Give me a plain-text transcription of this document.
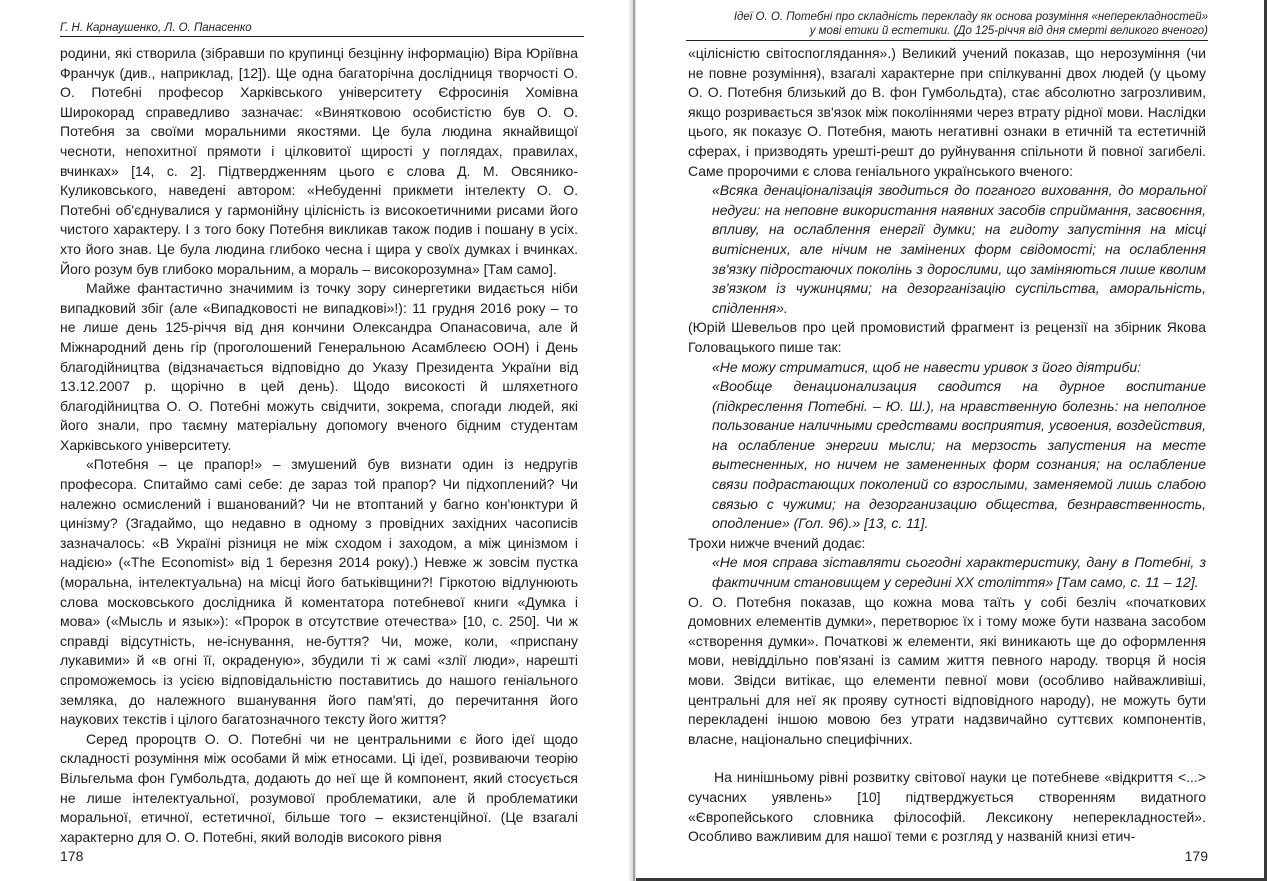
Г. Н. Карнаушенко, Л. О. Панасенко

родини, які створила (зібравши по крупинці безцінну інформацію) Віра Юріївна Франчук (див., наприклад, [12]). Ще одна багаторічна дослідниця творчості О. О. Потебні професор Харківського університету Єфросинія Хомівна Широкорад справедливо зазначає: «Винятковою особистістю був О. О. Потебня за своїми моральними якостями. Це була людина якнайвищої чесноти, непохитної прямоти і цілковитої щирості у поглядах, правилах, вчинках» [14, с. 2]. Підтвердженням цього є слова Д. М. Овсянико-Куликовського, наведені автором: «Небуденні прикмети інтелекту О. О. Потебні об'єднувалися у гармонійну цілісність із високоетичними рисами його чистого характеру. І з того боку Потебня викликав також подив і пошану в усіх. хто його знав. Це була людина глибоко чесна і щира у своїх думках і вчинках. Його розум був глибоко моральним, а мораль – високорозумна» [Там само].

Майже фантастично значимим із точку зору синергетики видається ніби випадковий збіг (але «Випадковості не випадкові»!): 11 грудня 2016 року – то не лише день 125-річчя від дня кончини Олександра Опанасовича, але й Міжнародний день гір (проголошений Генеральною Асамблеєю ООН) і День благодійництва (відзначається відповідно до Указу Президента України від 13.12.2007 р. щорічно в цей день). Щодо високості й шляхетного благодійництва О. О. Потебні можуть свідчити, зокрема, спогади людей, які його знали, про таємну матеріальну допомогу вченого бідним студентам Харківського університету.

«Потебня – це прапор!» – змушений був визнати один із недругів професора. Спитаймо самі себе: де зараз той прапор? Чи підхоплений? Чи належно осмислений і вшанований? Чи не втоптаний у багно кон'юнктури й цинізму? (Згадаймо, що недавно в одному з провідних західних часописів зазначалось: «В Україні різниця не між сходом і заходом, а між цинізмом і надією» («The Economist» від 1 березня 2014 року).) Невже ж зовсім пустка (моральна, інтелектуальна) на місці його батьківщини?! Гіркотою відлунюють слова московського дослідника й коментатора потебневої книги «Думка і мова» («Мысль и язык»): «Пророк в отсутствие отечества» [10, с. 250]. Чи ж справді відсутність, не-існування, не-буття? Чи, може, коли, «приспану лукавими» й «в огні її, окраденую», збудили ті ж самі «злії люди», нарешті спроможемось із усією відповідальністю поставитись до нашого геніального земляка, до належного вшанування його пам'яті, до перечитання його наукових текстів і цілого багатозначного тексту його життя?

Серед пророцтв О. О. Потебні чи не центральними є його ідеї щодо складності розуміння між особами й між етносами. Ці ідеї, розвиваючи теорію Вільгельма фон Гумбольдта, додають до неї ще й компонент, який стосується не лише інтелектуальної, розумової проблематики, але й проблематики моральної, етичної, естетичної, більше того – екзистенційної. (Це взагалі характерно для О. О. Потебні, який володів високого рівня

178
Ідеї О. О. Потебні про складність перекладу як основа розуміння «неперекладностей»
у мові етики й естетики. (До 125-річчя від дня смерті великого вченого)

«цілісністю світоспоглядання».) Великий учений показав, що нерозуміння (чи не повне розуміння), взагалі характерне при спілкуванні двох людей (у цьому О. О. Потебня близький до В. фон Гумбольдта), стає абсолютно загрозливим, якщо розривається зв'язок між поколіннями через втрату рідної мови. Наслідки цього, як показує О. Потебня, мають негативні ознаки в етичній та естетичній сферах, і призводять урешті-решт до руйнування спільноти й повної загибелі. Саме пророчими є слова геніального українського вченого:

«Всяка денаціоналізація зводиться до поганого виховання, до моральної недуги: на неповне використання наявних засобів сприймання, засвоєння, впливу, на ослаблення енергії думки; на гидоту запустіння на місці витіснених, але нічим не замінених форм свідомості; на ослаблення зв'язку підростаючих поколінь з дорослими, що заміняються лише кволим зв'язком із чужинцями; на дезорганізацію суспільства, аморальність, спідлення».

(Юрій Шевельов про цей промовистий фрагмент із рецензії на збірник Якова Головацького пише так:

«Не можу стриматися, щоб не навести уривок з його діятриби:

«Вообще денационализация сводится на дурное воспитание (підкреслення Потебні. – Ю. Ш.), на нравственную болезнь: на неполное пользование наличными средствами восприятия, усвоения, воздействия, на ослабление энергии мысли; на мерзость запустения на месте вытесненных, но ничем не замененных форм сознания; на ослабление связи подрастающих поколений со взрослыми, заменяемой лишь слабою связью с чужими; на дезорганизацию общества, безнравственность, оподление» (Гол. 96).» [13, с. 11].

Трохи нижче вчений додає:

«Не моя справа зіставляти сьогодні характеристику, дану в Потебні, з фактичним становищем у середині XX століття» [Там само, с. 11 – 12].

О. О. Потебня показав, що кожна мова таїть у собі безліч «початкових домовних елементів думки», перетворює їх і тому може бути названа засобом «створення думки». Початкові ж елементи, які виникають ще до оформлення мови, невіддільно пов'язані із самим життя певного народу. творця й носія мови. Звідси витікає, що елементи певної мови (особливо найважливіші, центральні для неї як прояву сутності відповідного народу), не можуть бути перекладені іншою мовою без утрати надзвичайно суттєвих компонентів, власне, національно специфічних.

На нинішньому рівні розвитку світової науки це потебневе «відкриття <...> сучасних уявлень» [10] підтверджується створенням видатного «Європейського словника філософій. Лексикону неперекладностей». Особливо важливим для нашої теми є розгляд у названій книзі етич-

179
